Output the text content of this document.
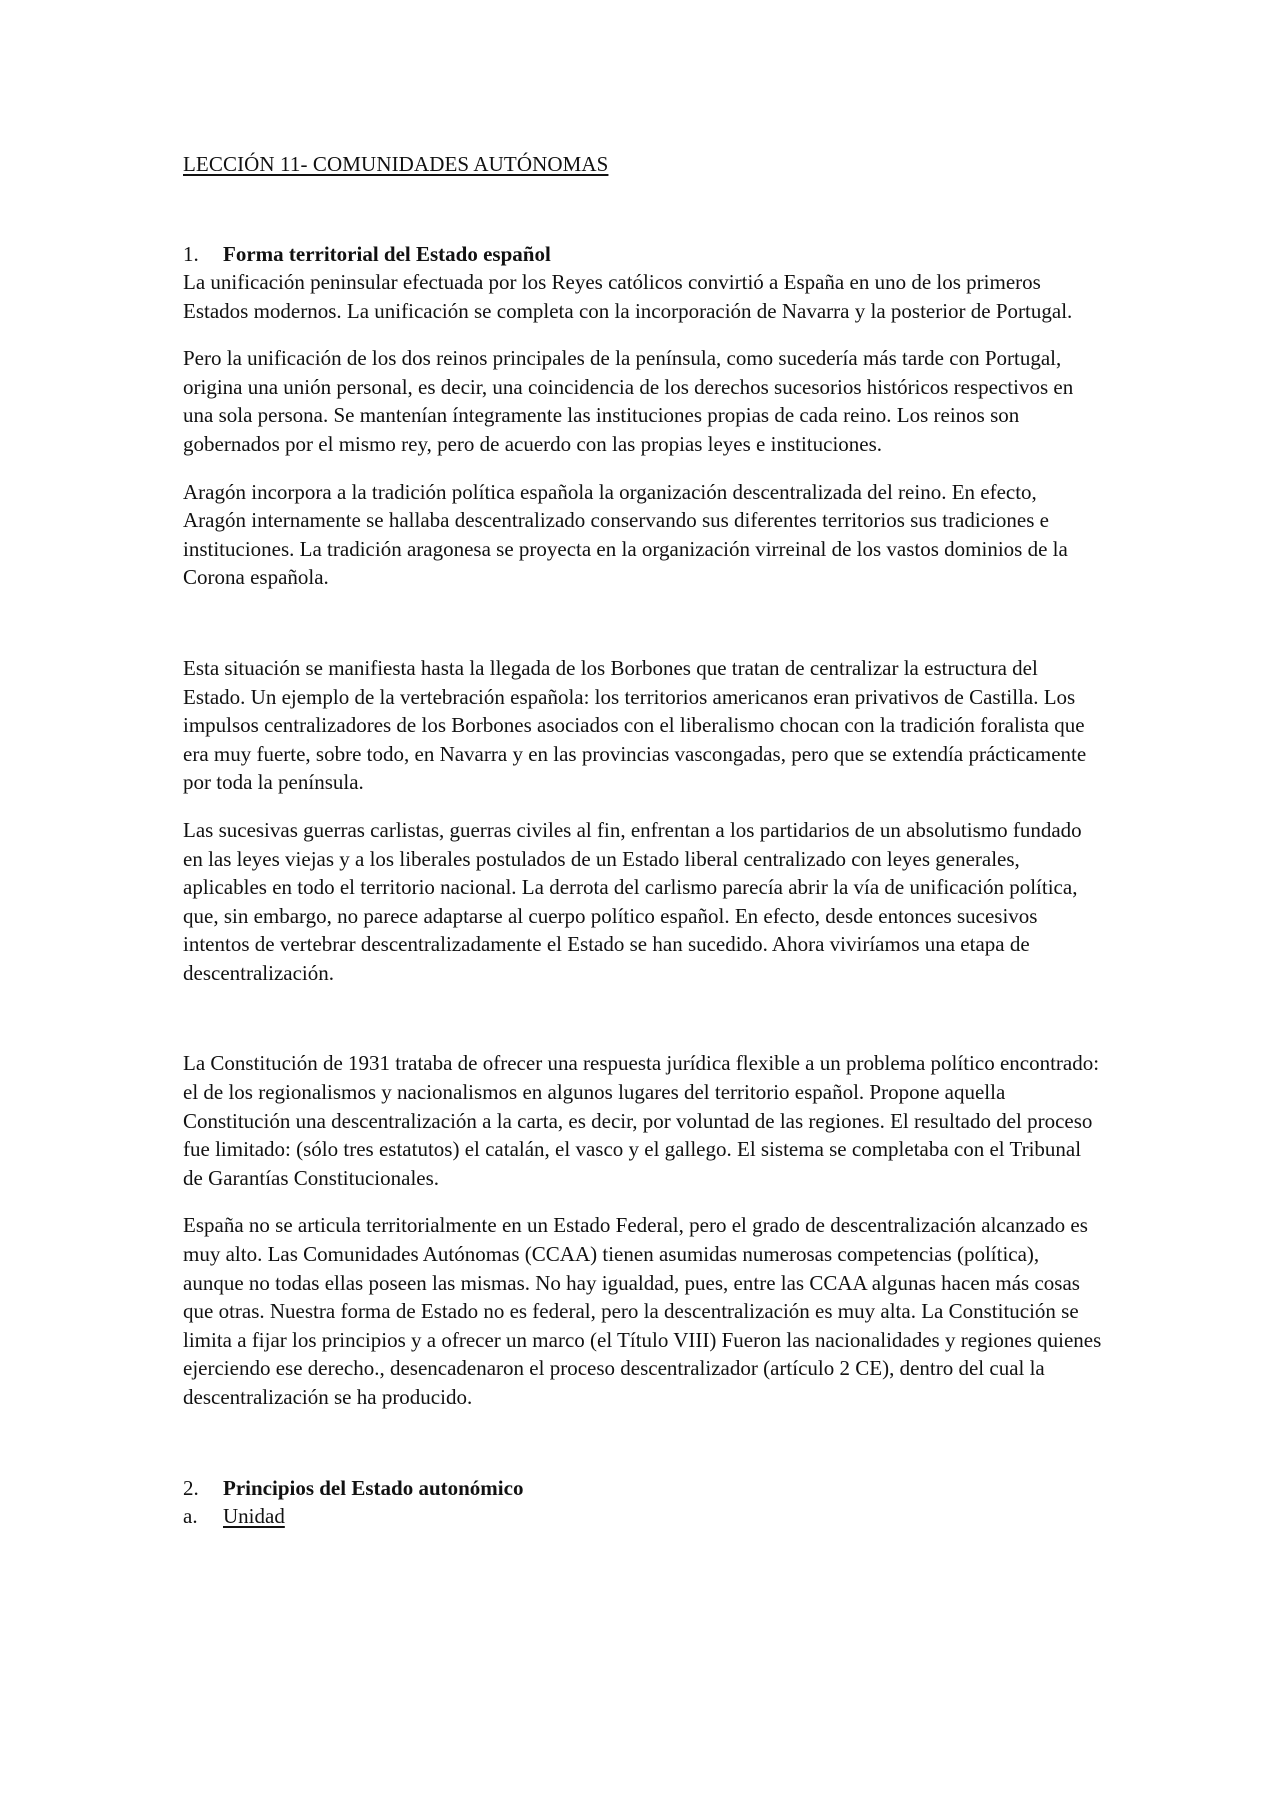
LECCIÓN 11- COMUNIDADES AUTÓNOMAS
1.	Forma territorial del Estado español

La unificación peninsular efectuada por los Reyes católicos convirtió a España en uno de los primeros Estados modernos. La unificación se completa con la incorporación de Navarra y la posterior de Portugal.

Pero la unificación de los dos reinos principales de la península, como sucedería más tarde con Portugal, origina una unión personal, es decir, una coincidencia de los derechos sucesorios históricos respectivos en una sola persona. Se mantenían íntegramente las instituciones propias de cada reino. Los reinos son gobernados por el mismo rey, pero de acuerdo con las propias leyes e instituciones.

Aragón incorpora a la tradición política española la organización descentralizada del reino. En efecto, Aragón internamente se hallaba descentralizado conservando sus diferentes territorios sus tradiciones e instituciones. La tradición aragonesa se proyecta en la organización virreinal de los vastos dominios de la Corona española.

Esta situación se manifiesta hasta la llegada de los Borbones que tratan de centralizar la estructura del Estado. Un ejemplo de la vertebración española: los territorios americanos eran privativos de Castilla. Los impulsos centralizadores de los Borbones asociados con el liberalismo chocan con la tradición foralista que era muy fuerte, sobre todo, en Navarra y en las provincias vascongadas, pero que se extendía prácticamente por toda la península.

Las sucesivas guerras carlistas, guerras civiles al fin, enfrentan a los partidarios de un absolutismo fundado en las leyes viejas y a los liberales postulados de un Estado liberal centralizado con leyes generales, aplicables en todo el territorio nacional. La derrota del carlismo parecía abrir la vía de unificación política, que, sin embargo, no parece adaptarse al cuerpo político español. En efecto, desde entonces sucesivos intentos de vertebrar descentralizadamente el Estado se han sucedido. Ahora viviríamos una etapa de descentralización.

La Constitución de 1931 trataba de ofrecer una respuesta jurídica flexible a un problema político encontrado: el de los regionalismos y nacionalismos en algunos lugares del territorio español. Propone aquella Constitución una descentralización a la carta, es decir, por voluntad de las regiones. El resultado del proceso fue limitado: (sólo tres estatutos) el catalán, el vasco y el gallego. El sistema se completaba con el Tribunal de Garantías Constitucionales.

España no se articula territorialmente en un Estado Federal, pero el grado de descentralización alcanzado es muy alto. Las Comunidades Autónomas (CCAA) tienen asumidas numerosas competencias (política), aunque no todas ellas poseen las mismas. No hay igualdad, pues, entre las CCAA algunas hacen más cosas que otras. Nuestra forma de Estado no es federal, pero la descentralización es muy alta. La Constitución se limita a fijar los principios y a ofrecer un marco (el Título VIII) Fueron las nacionalidades y regiones quienes ejerciendo ese derecho., desencadenaron el proceso descentralizador (artículo 2 CE), dentro del cual la descentralización se ha producido.

2.	Principios del Estado autonómico
a.	Unidad
